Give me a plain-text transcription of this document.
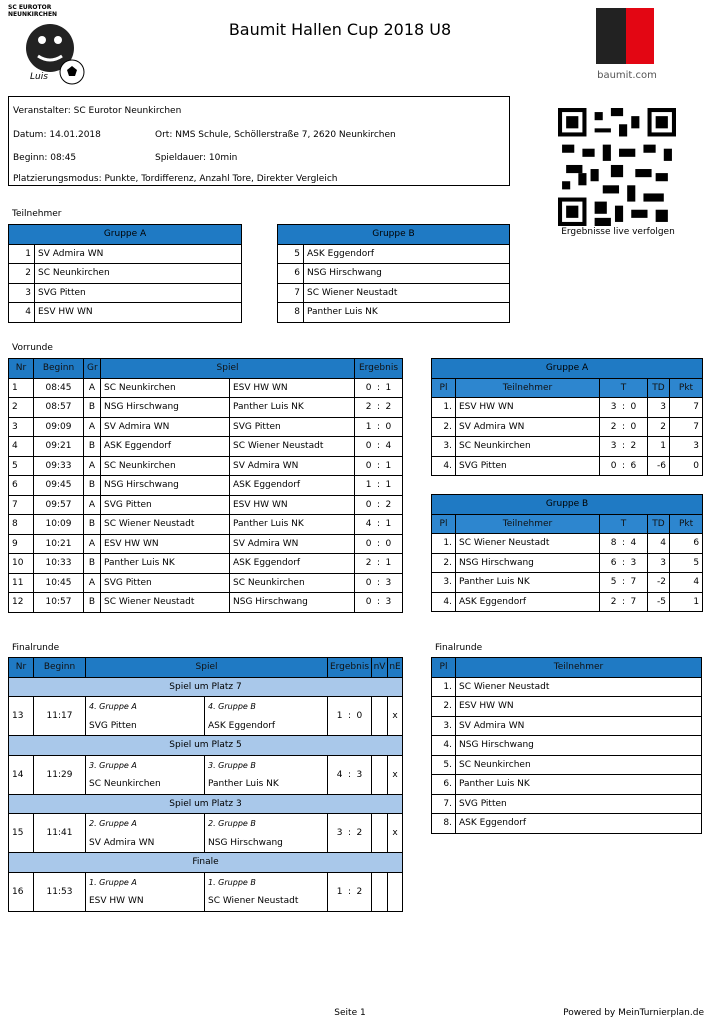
SC EUROTOR NEUNKIRCHEN
Luis
Baumit Hallen Cup 2018 U8
baumit.com
Ergebnisse live verfolgen
Veranstalter: SC Eurotor Neunkirchen
Datum: 14.01.2018	Ort: NMS Schule, Schöllerstraße 7, 2620 Neunkirchen
Beginn: 08:45	Spieldauer: 10min
Platzierungsmodus: Punkte, Tordifferenz, Anzahl Tore, Direkter Vergleich
Teilnehmer
Gruppe A	
1	SV Admira WN
2	SC Neunkirchen
3	SVG Pitten
4	ESV HW WN
Gruppe B	
5	ASK Eggendorf
6	NSG Hirschwang
7	SC Wiener Neustadt
8	Panther Luis NK
Vorrunde
Nr	Beginn	Gr	Spiel		Ergebnis		
1	08:45	A	SC Neunkirchen	ESV HW WN	0	:	1
2	08:57	B	NSG Hirschwang	Panther Luis NK	2	:	2
3	09:09	A	SV Admira WN	SVG Pitten	1	:	0
4	09:21	B	ASK Eggendorf	SC Wiener Neustadt	0	:	4
5	09:33	A	SC Neunkirchen	SV Admira WN	0	:	1
6	09:45	B	NSG Hirschwang	ASK Eggendorf	1	:	1
7	09:57	A	SVG Pitten	ESV HW WN	0	:	2
8	10:09	B	SC Wiener Neustadt	Panther Luis NK	4	:	1
9	10:21	A	ESV HW WN	SV Admira WN	0	:	0
10	10:33	B	Panther Luis NK	ASK Eggendorf	2	:	1
11	10:45	A	SVG Pitten	SC Neunkirchen	0	:	3
12	10:57	B	SC Wiener Neustadt	NSG Hirschwang	0	:	3
Gruppe A						
Pl	Teilnehmer	T			TD	Pkt
1.	ESV HW WN	3	:	0	3	7
2.	SV Admira WN	2	:	0	2	7
3.	SC Neunkirchen	3	:	2	1	3
4.	SVG Pitten	0	:	6	-6	0
Gruppe B						
Pl	Teilnehmer	T			TD	Pkt
1.	SC Wiener Neustadt	8	:	4	4	6
2.	NSG Hirschwang	6	:	3	3	5
3.	Panther Luis NK	5	:	7	-2	4
4.	ASK Eggendorf	2	:	7	-5	1
Finalrunde
Nr	Beginn	Spiel		Ergebnis			nV	nE
Spiel um Platz 7								
13	11:17	4. Gruppe A	4. Gruppe B	1	:	0		x
		SVG Pitten	ASK Eggendorf					
Spiel um Platz 5								
14	11:29	3. Gruppe A	3. Gruppe B	4	:	3		x
		SC Neunkirchen	Panther Luis NK					
Spiel um Platz 3								
15	11:41	2. Gruppe A	2. Gruppe B	3	:	2		x
		SV Admira WN	NSG Hirschwang					
Finale								
16	11:53	1. Gruppe A	1. Gruppe B	1	:	2		
		ESV HW WN	SC Wiener Neustadt					
Finalrunde
Pl	Teilnehmer
1.	SC Wiener Neustadt
2.	ESV HW WN
3.	SV Admira WN
4.	NSG Hirschwang
5.	SC Neunkirchen
6.	Panther Luis NK
7.	SVG Pitten
8.	ASK Eggendorf
Seite 1	Powered by MeinTurnierplan.de
